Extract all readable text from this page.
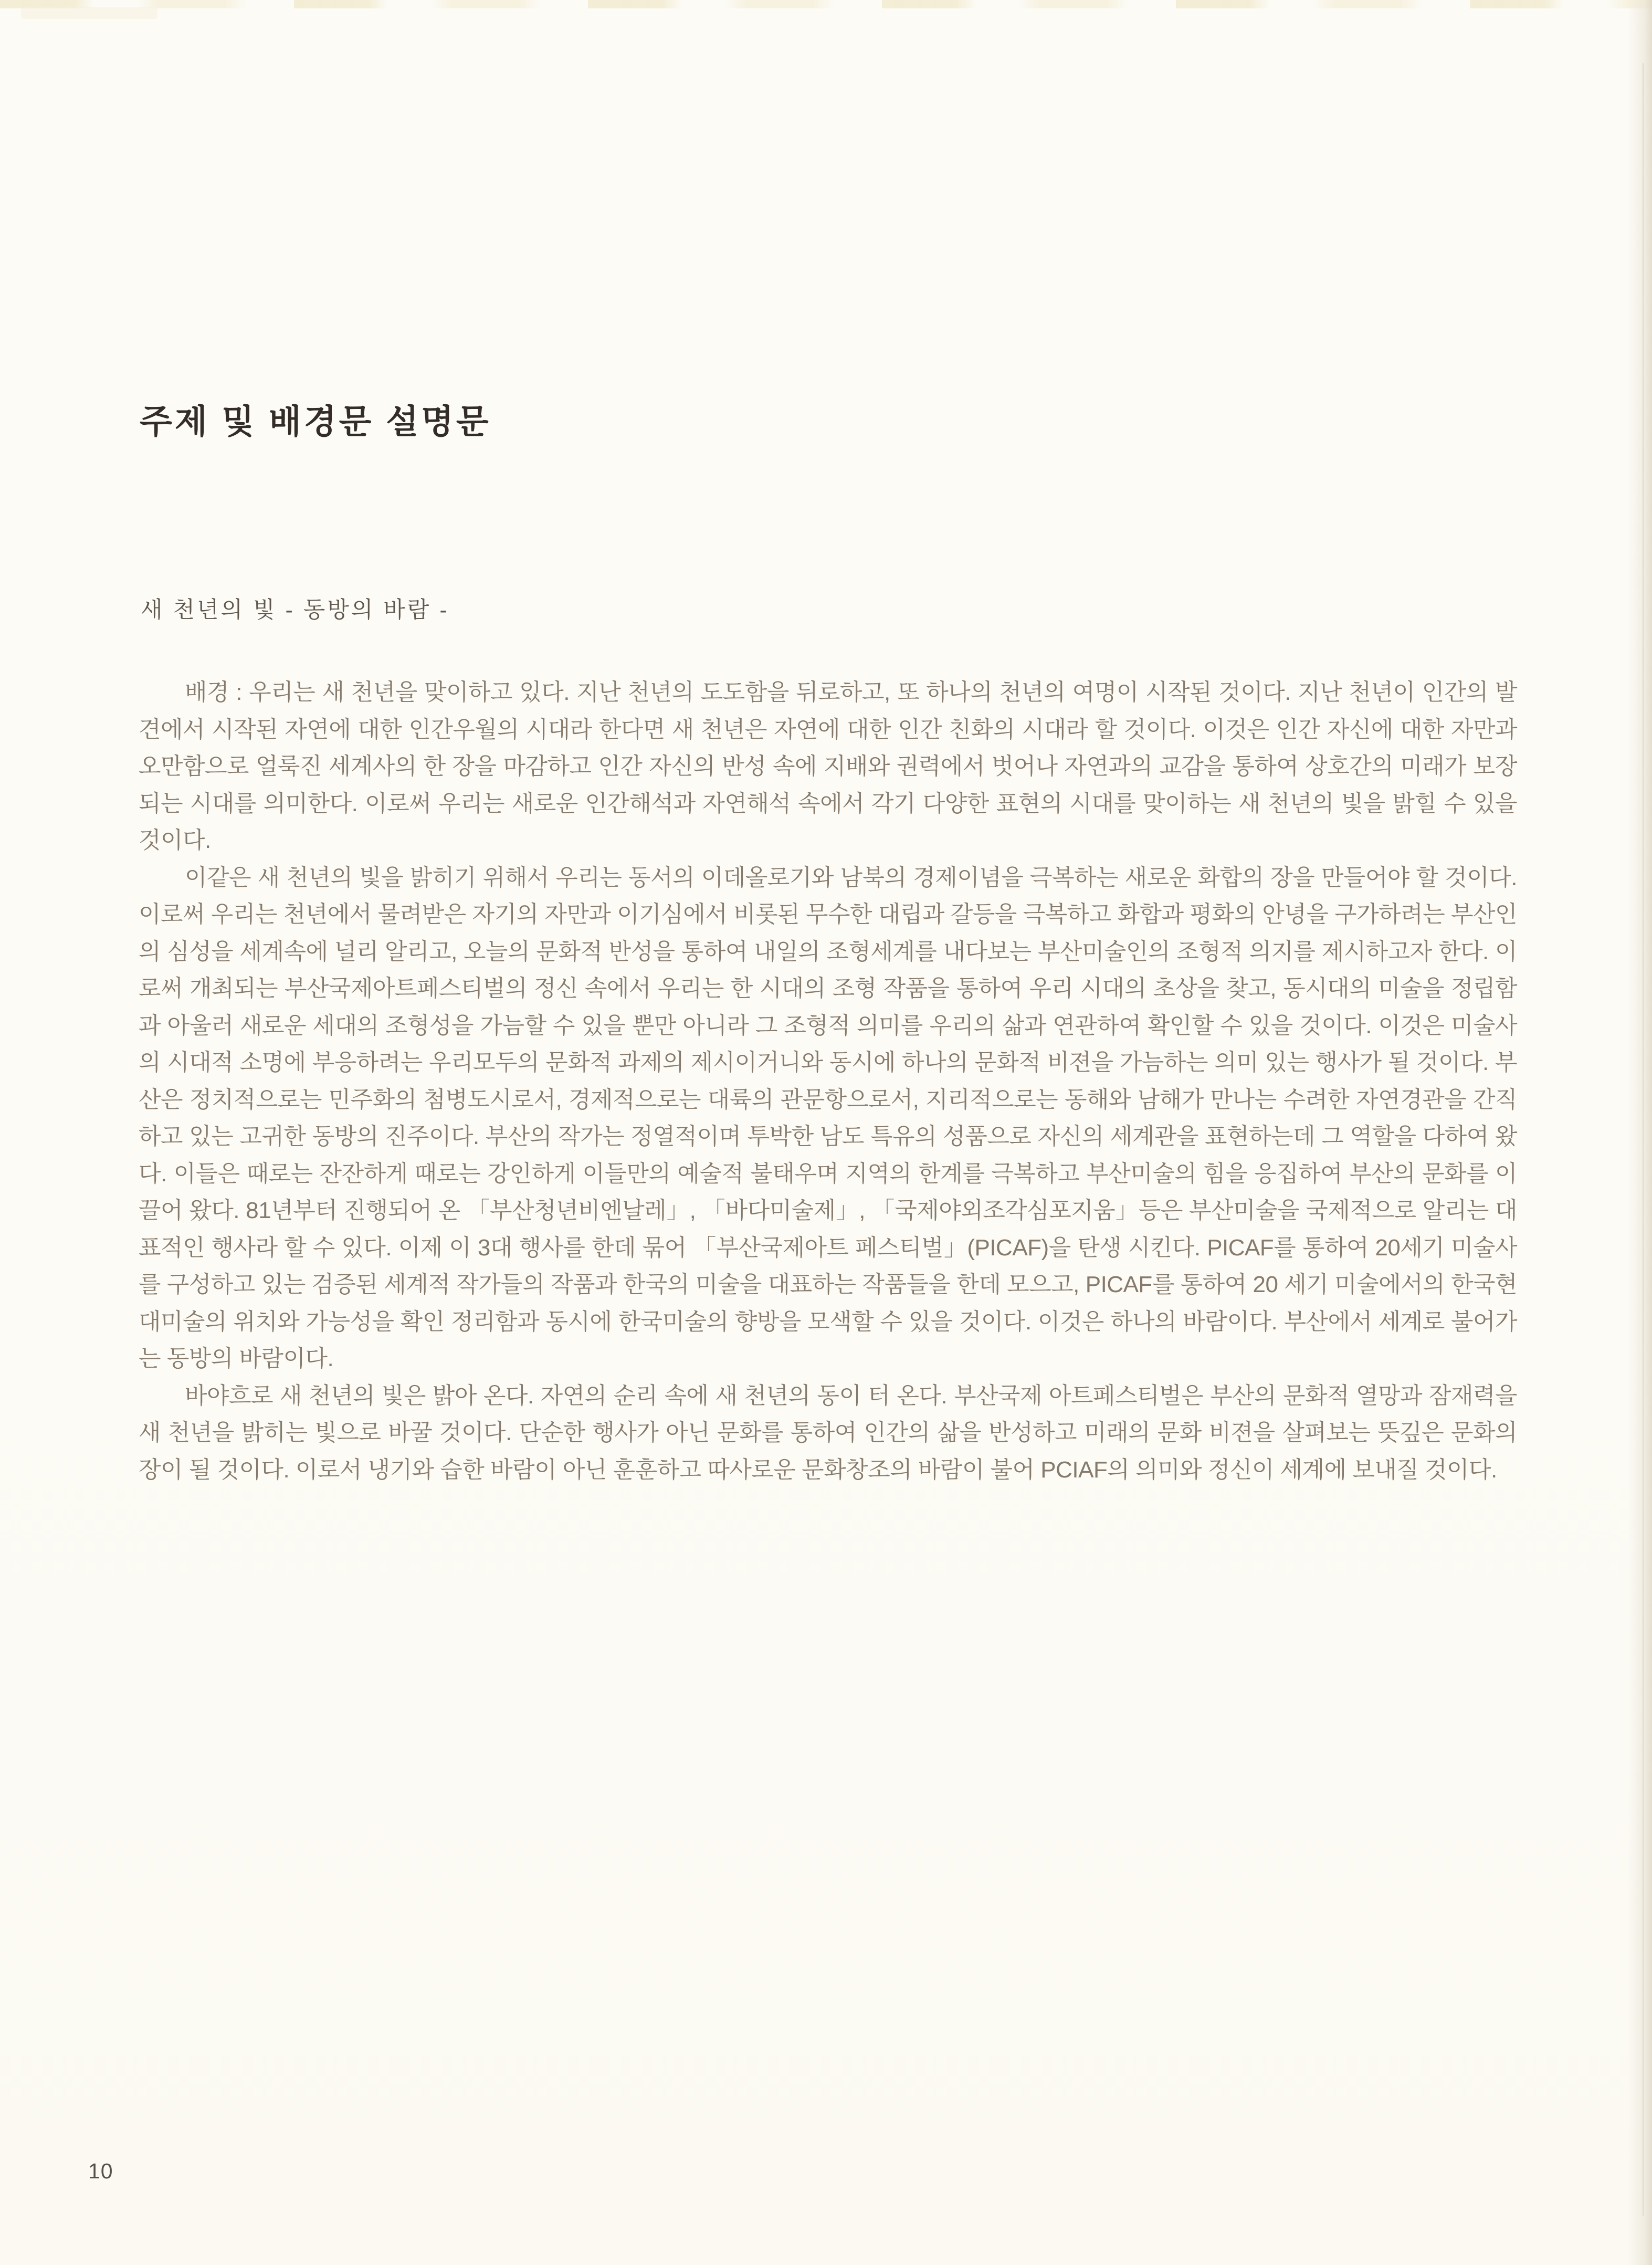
주제 및 배경문 설명문
새 천년의 빛 - 동방의 바람 -

배경 : 우리는 새 천년을 맞이하고 있다. 지난 천년의 도도함을 뒤로하고, 또 하나의 천년의 여명이 시작된 것이다. 지난 천년이 인간의 발견에서 시작된 자연에 대한 인간우월의 시대라 한다면 새 천년은 자연에 대한 인간 친화의 시대라 할 것이다. 이것은 인간 자신에 대한 자만과 오만함으로 얼룩진 세계사의 한 장을 마감하고 인간 자신의 반성 속에 지배와 권력에서 벗어나 자연과의 교감을 통하여 상호간의 미래가 보장되는 시대를 의미한다. 이로써 우리는 새로운 인간해석과 자연해석 속에서 각기 다양한 표현의 시대를 맞이하는 새 천년의 빛을 밝힐 수 있을 것이다.

이같은 새 천년의 빛을 밝히기 위해서 우리는 동서의 이데올로기와 남북의 경제이념을 극복하는 새로운 화합의 장을 만들어야 할 것이다. 이로써 우리는 천년에서 물려받은 자기의 자만과 이기심에서 비롯된 무수한 대립과 갈등을 극복하고 화합과 평화의 안녕을 구가하려는 부산인의 심성을 세계속에 널리 알리고, 오늘의 문화적 반성을 통하여 내일의 조형세계를 내다보는 부산미술인의 조형적 의지를 제시하고자 한다. 이로써 개최되는 부산국제아트페스티벌의 정신 속에서 우리는 한 시대의 조형 작품을 통하여 우리 시대의 초상을 찾고, 동시대의 미술을 정립함과 아울러 새로운 세대의 조형성을 가늠할 수 있을 뿐만 아니라 그 조형적 의미를 우리의 삶과 연관하여 확인할 수 있을 것이다. 이것은 미술사의 시대적 소명에 부응하려는 우리모두의 문화적 과제의 제시이거니와 동시에 하나의 문화적 비젼을 가늠하는 의미 있는 행사가 될 것이다. 부산은 정치적으로는 민주화의 첨병도시로서, 경제적으로는 대륙의 관문항으로서, 지리적으로는 동해와 남해가 만나는 수려한 자연경관을 간직하고 있는 고귀한 동방의 진주이다. 부산의 작가는 정열적이며 투박한 남도 특유의 성품으로 자신의 세계관을 표현하는데 그 역할을 다하여 왔다. 이들은 때로는 잔잔하게 때로는 강인하게 이들만의 예술적 불태우며 지역의 한계를 극복하고 부산미술의 힘을 응집하여 부산의 문화를 이끌어 왔다. 81년부터 진행되어 온 「부산청년비엔날레」, 「바다미술제」, 「국제야외조각심포지움」등은 부산미술을 국제적으로 알리는 대표적인 행사라 할 수 있다. 이제 이 3대 행사를 한데 묶어 「부산국제아트 페스티벌」(PICAF)을 탄생 시킨다. PICAF를 통하여 20세기 미술사를 구성하고 있는 검증된 세계적 작가들의 작품과 한국의 미술을 대표하는 작품들을 한데 모으고, PICAF를 통하여 20 세기 미술에서의 한국현대미술의 위치와 가능성을 확인 정리함과 동시에 한국미술의 향방을 모색할 수 있을 것이다. 이것은 하나의 바람이다. 부산에서 세계로 불어가는 동방의 바람이다.

바야흐로 새 천년의 빛은 밝아 온다. 자연의 순리 속에 새 천년의 동이 터 온다. 부산국제 아트페스티벌은 부산의 문화적 열망과 잠재력을 새 천년을 밝히는 빛으로 바꿀 것이다. 단순한 행사가 아닌 문화를 통하여 인간의 삶을 반성하고 미래의 문화 비젼을 살펴보는 뜻깊은 문화의 장이 될 것이다. 이로서 냉기와 습한 바람이 아닌 훈훈하고 따사로운 문화창조의 바람이 불어 PCIAF의 의미와 정신이 세계에 보내질 것이다.

10
